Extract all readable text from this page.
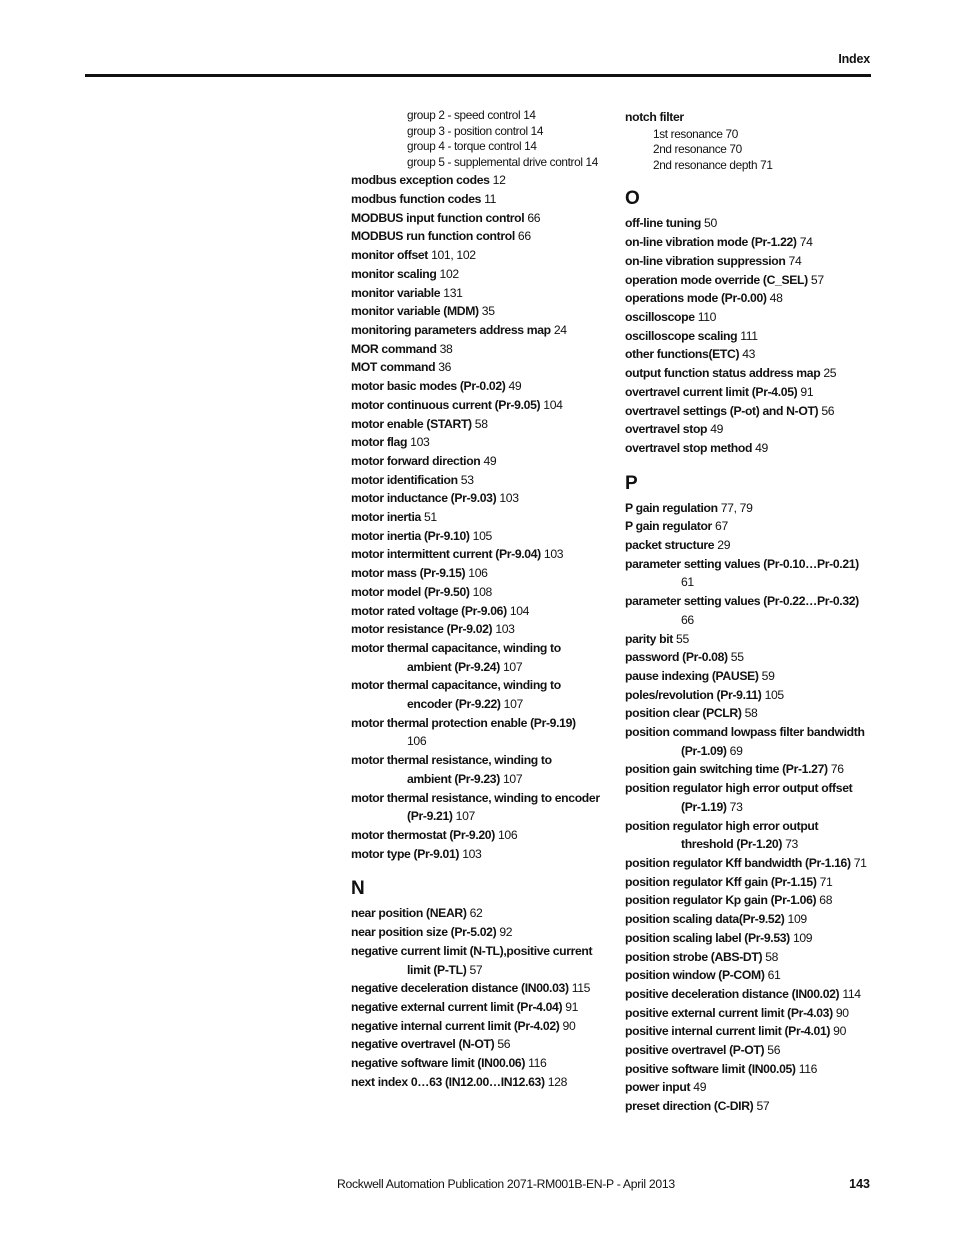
Index
group 2 - speed control 14
group 3 - position control 14
group 4 - torque control 14
group 5 - supplemental drive control 14
modbus exception codes 12
modbus function codes 11
MODBUS input function control 66
MODBUS run function control 66
monitor offset 101, 102
monitor scaling 102
monitor variable 131
monitor variable (MDM) 35
monitoring parameters address map 24
MOR command 38
MOT command 36
motor basic modes (Pr-0.02) 49
motor continuous current (Pr-9.05) 104
motor enable (START) 58
motor flag 103
motor forward direction 49
motor identification 53
motor inductance (Pr-9.03) 103
motor inertia 51
motor inertia (Pr-9.10) 105
motor intermittent current (Pr-9.04) 103
motor mass (Pr-9.15) 106
motor model (Pr-9.50) 108
motor rated voltage (Pr-9.06) 104
motor resistance (Pr-9.02) 103
motor thermal capacitance, winding to
ambient (Pr-9.24) 107
motor thermal capacitance, winding to
encoder (Pr-9.22) 107
motor thermal protection enable (Pr-9.19)
106
motor thermal resistance, winding to
ambient (Pr-9.23) 107
motor thermal resistance, winding to encoder
(Pr-9.21) 107
motor thermostat (Pr-9.20) 106
motor type (Pr-9.01) 103
N
near position (NEAR) 62
near position size (Pr-5.02) 92
negative current limit (N-TL),positive current
limit (P-TL) 57
negative deceleration distance (IN00.03) 115
negative external current limit (Pr-4.04) 91
negative internal current limit (Pr-4.02) 90
negative overtravel (N-OT) 56
negative software limit (IN00.06) 116
next index 0…63 (IN12.00…IN12.63) 128
notch filter
1st resonance 70
2nd resonance 70
2nd resonance depth 71
O
off-line tuning 50
on-line vibration mode (Pr-1.22) 74
on-line vibration suppression 74
operation mode override (C_SEL) 57
operations mode (Pr-0.00) 48
oscilloscope 110
oscilloscope scaling 111
other functions(ETC) 43
output function status address map 25
overtravel current limit (Pr-4.05) 91
overtravel settings (P-ot) and N-OT) 56
overtravel stop 49
overtravel stop method 49
P
P gain regulation 77, 79
P gain regulator 67
packet structure 29
parameter setting values (Pr-0.10…Pr-0.21)
61
parameter setting values (Pr-0.22…Pr-0.32)
66
parity bit 55
password (Pr-0.08) 55
pause indexing (PAUSE) 59
poles/revolution (Pr-9.11) 105
position clear (PCLR) 58
position command lowpass filter bandwidth
(Pr-1.09) 69
position gain switching time (Pr-1.27) 76
position regulator high error output offset
(Pr-1.19) 73
position regulator high error output
threshold (Pr-1.20) 73
position regulator Kff bandwidth (Pr-1.16) 71
position regulator Kff gain (Pr-1.15) 71
position regulator Kp gain (Pr-1.06) 68
position scaling data(Pr-9.52) 109
position scaling label (Pr-9.53) 109
position strobe (ABS-DT) 58
position window (P-COM) 61
positive deceleration distance (IN00.02) 114
positive external current limit (Pr-4.03) 90
positive internal current limit (Pr-4.01) 90
positive overtravel (P-OT) 56
positive software limit (IN00.05) 116
power input 49
preset direction (C-DIR) 57
Rockwell Automation Publication 2071-RM001B-EN-P - April 2013	143
